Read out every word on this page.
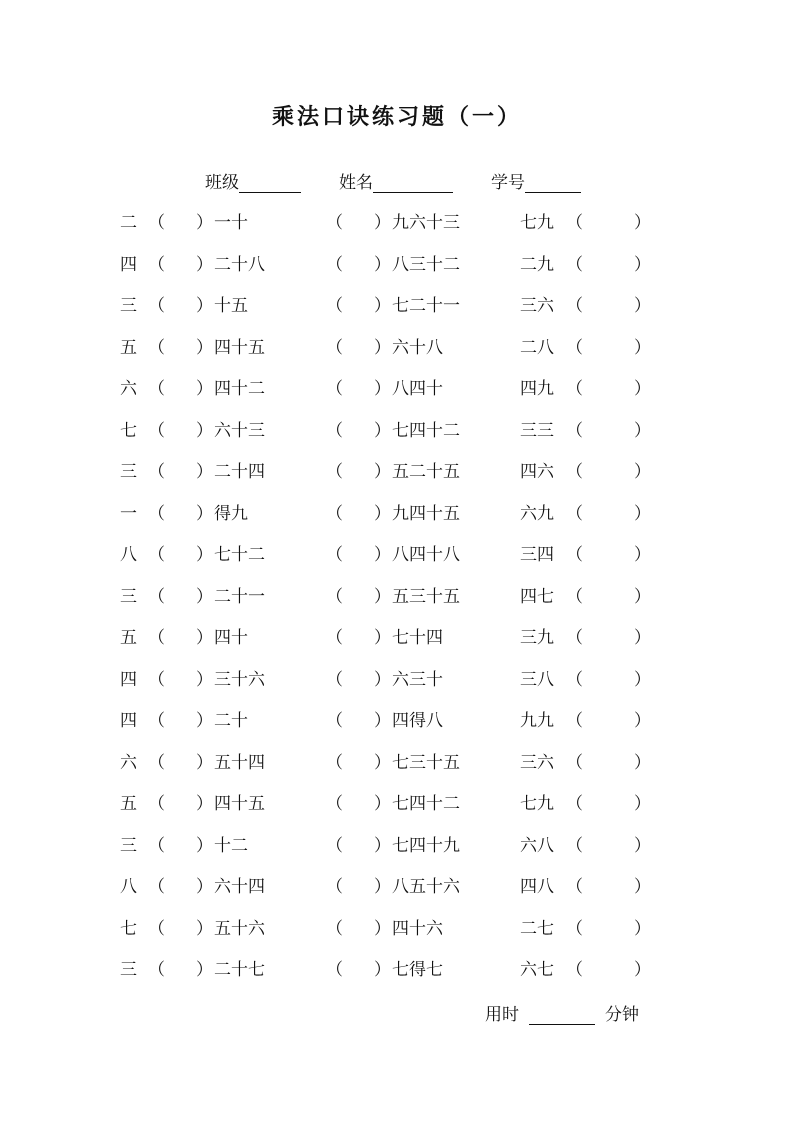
乘法口诀练习题（一）
班级	姓名	学号
二 （ ） 一十	（ ） 九六十三	七九 （	）
四 （ ） 二十八	（ ） 八三十二	二九 （	）
三 （ ） 十五	（ ） 七二十一	三六 （	）
五 （ ） 四十五	（ ） 六十八	二八 （	）
六 （ ） 四十二	（ ） 八四十	四九 （	）
七 （ ） 六十三	（ ） 七四十二	三三 （	）
三 （ ） 二十四	（ ） 五二十五	四六 （	）
一 （ ） 得九	（ ） 九四十五	六九 （	）
八 （ ） 七十二	（ ） 八四十八	三四 （	）
三 （ ） 二十一	（ ） 五三十五	四七 （	）
五 （ ） 四十	（ ） 七十四	三九 （	）
四 （ ） 三十六	（ ） 六三十	三八 （	）
四 （ ） 二十	（ ） 四得八	九九 （	）
六 （ ） 五十四	（ ） 七三十五	三六 （	）
五 （ ） 四十五	（ ） 七四十二	七九 （	）
三 （ ） 十二	（ ） 七四十九	六八 （	）
八 （ ） 六十四	（ ） 八五十六	四八 （	）
七 （ ） 五十六	（ ） 四十六	二七 （	）
三 （ ） 二十七	（ ） 七得七	六七 （	）
用时	分钟
